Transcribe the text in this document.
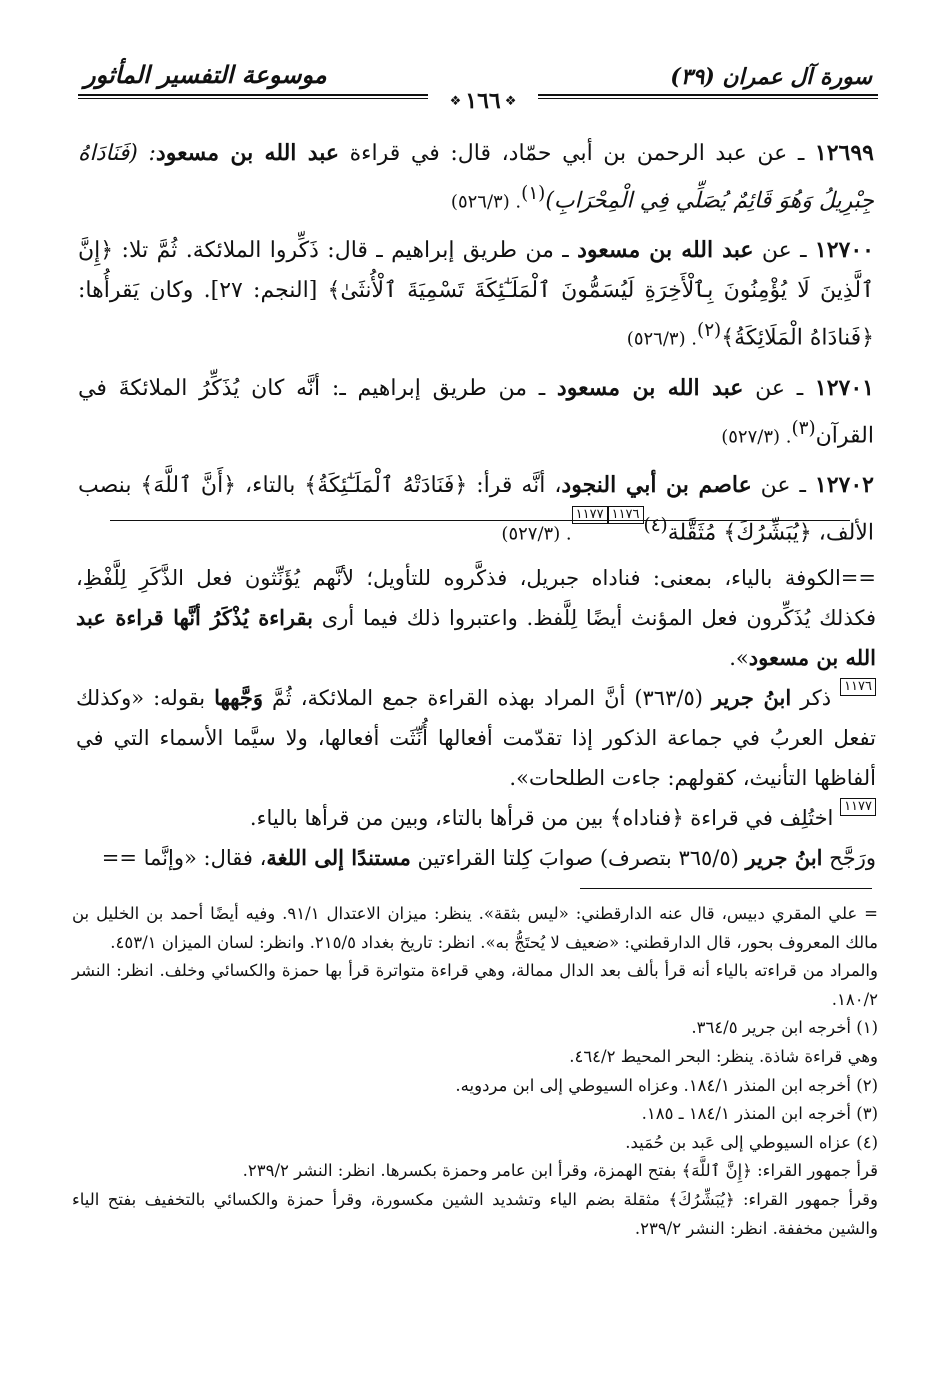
سورة آل عمران (٣٩)
موسوعة التفسير المأثور
❖
١٦٦
❖

١٢٦٩٩ ـ عن عبد الرحمن بن أبي حمّاد، قال: في قراءة عبد الله بن مسعود: (فَنَادَاهُ جِبْرِيلُ وَهُوَ قَائِمٌ يُصَلِّي فِي الْمِحْرَابِ)$^{(١)}$. (٥٢٦/٣)

١٢٧٠٠ ـ عن عبد الله بن مسعود ـ من طريق إبراهيم ـ قال: ذَكِّروا الملائكة. ثُمَّ تلا: ﴿إِنَّ ٱلَّذِينَ لَا يُؤْمِنُونَ بِٱلْأَخِرَةِ لَيُسَمُّونَ ٱلْمَلَـٰٓئِكَةَ تَسْمِيَةَ ٱلْأُنثَىٰ﴾ [النجم: ٢٧]. وكان يَقرأُها: ﴿فَنادَاهُ الْمَلَائِكَةُ﴾$^{(٢)}$. (٥٢٦/٣)

١٢٧٠١ ـ عن عبد الله بن مسعود ـ من طريق إبراهيم ـ: أنَّه كان يُذَكِّرُ الملائكةَ في القرآن$^{(٣)}$. (٥٢٧/٣)

١٢٧٠٢ ـ عن عاصم بن أبي النجود، أنَّه قرأ: ﴿فَنَادَتْهُ ٱلْمَلَـٰٓئِكَةُ﴾ بالتاء، ﴿أَنَّ ٱللَّهَ﴾ بنصب الألف، ﴿يُبَشِّرُكَ﴾ مُثَقَّلة$^{(٤)}$١١٧٦١١٧٧. (٥٢٧/٣)

==الكوفة بالياء، بمعنى: فناداه جبريل، فذكَّروه للتأويل؛ لأنَّهم يُؤَنِّثون فعل الذَّكَرِ لِلَّفْظِ، فكذلك يُذَكِّرون فعل المؤنث أيضًا لِلَّفظ. واعتبروا ذلك فيما أرى بقراءة يُذْكَرُ أنَّها قراءة عبد الله بن مسعود».

١١٧٦ ذكر ابنُ جرير (٣٦٣/٥) أنَّ المراد بهذه القراءة جمع الملائكة، ثُمَّ وَجَّهها بقوله: «وكذلك تفعل العربُ في جماعة الذكور إذا تقدّمت أفعالها أُنِّثَت أفعالها، ولا سيَّما الأسماء التي في ألفاظها التأنيث، كقولهم: جاءت الطلحات».

١١٧٧ اختُلِف في قراءة ﴿فناداه﴾ بين من قرأها بالتاء، وبين من قرأها بالياء.

ورَجَّح ابنُ جرير (٣٦٥/٥ بتصرف) صوابَ كِلتا القراءتين مستندًا إلى اللغة، فقال: «وإنَّما ==

= علي المقري دبيس، قال عنه الدارقطني: «ليس بثقة». ينظر: ميزان الاعتدال ٩١/١. وفيه أيضًا أحمد بن الخليل بن مالك المعروف بحور، قال الدارقطني: «ضعيف لا يُحتَجُّ به». انظر: تاريخ بغداد ٢١٥/٥. وانظر: لسان الميزان ٤٥٣/١.

والمراد من قراءته بالياء أنه قرأ بألف بعد الدال ممالة، وهي قراءة متواترة قرأ بها حمزة والكسائي وخلف. انظر: النشر ١٨٠/٢.

(١) أخرجه ابن جرير ٣٦٤/٥.

وهي قراءة شاذة. ينظر: البحر المحيط ٤٦٤/٢.

(٢) أخرجه ابن المنذر ١٨٤/١. وعزاه السيوطي إلى ابن مردويه.

(٣) أخرجه ابن المنذر ١٨٤/١ ـ ١٨٥.

(٤) عزاه السيوطي إلى عَبد بن حُمَيد.

قرأ جمهور القراء: ﴿إِنَّ ٱللَّهَ﴾ بفتح الهمزة، وقرأ ابن عامر وحمزة بكسرها. انظر: النشر ٢٣٩/٢.

وقرأ جمهور القراء: ﴿يُبَشِّرُكَ﴾ مثقلة بضم الياء وتشديد الشين مكسورة، وقرأ حمزة والكسائي بالتخفيف بفتح الياء والشين مخففة. انظر: النشر ٢٣٩/٢.
